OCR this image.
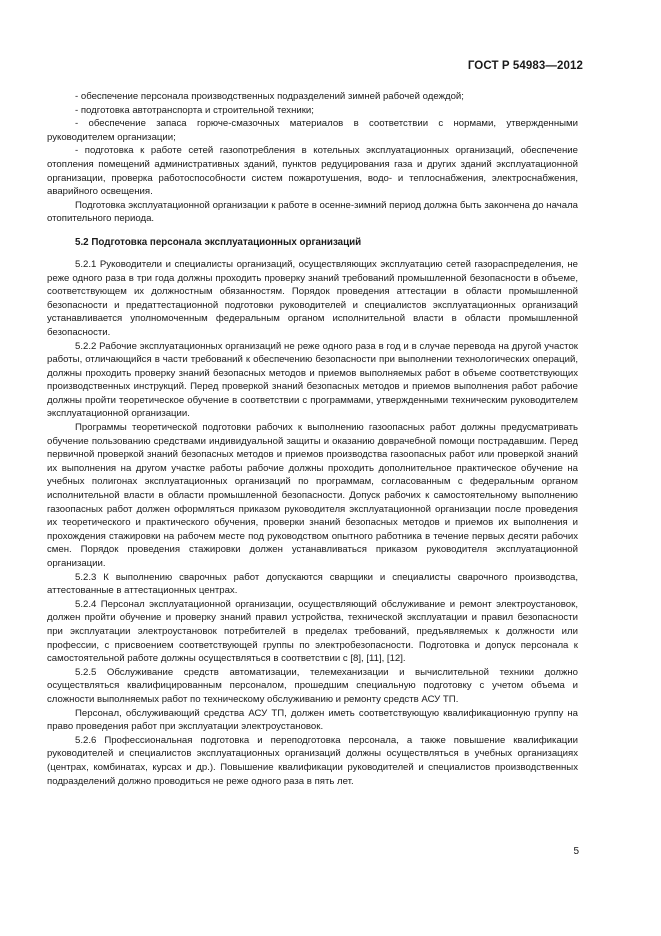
ГОСТ Р 54983—2012

- обеспечение персонала производственных подразделений зимней рабочей одеждой;

- подготовка автотранспорта и строительной техники;

- обеспечение запаса горюче-смазочных материалов в соответствии с нормами, утвержденными руководителем организации;

- подготовка к работе сетей газопотребления в котельных эксплуатационных организаций, обеспечение отопления помещений административных зданий, пунктов редуцирования газа и других зданий эксплуатационной организации, проверка работоспособности систем пожаротушения, водо- и теплоснабжения, электроснабжения, аварийного освещения.

Подготовка эксплуатационной организации к работе в осенне-зимний период должна быть закончена до начала отопительного периода.

5.2 Подготовка персонала эксплуатационных организаций

5.2.1 Руководители и специалисты организаций, осуществляющих эксплуатацию сетей газораспределения, не реже одного раза в три года должны проходить проверку знаний требований промышленной безопасности в объеме, соответствующем их должностным обязанностям. Порядок проведения аттестации в области промышленной безопасности и предаттестационной подготовки руководителей и специалистов эксплуатационных организаций устанавливается уполномоченным федеральным органом исполнительной власти в области промышленной безопасности.

5.2.2 Рабочие эксплуатационных организаций не реже одного раза в год и в случае перевода на другой участок работы, отличающийся в части требований к обеспечению безопасности при выполнении технологических операций, должны проходить проверку знаний безопасных методов и приемов выполняемых работ в объеме соответствующих производственных инструкций. Перед проверкой знаний безопасных методов и приемов выполнения работ рабочие должны пройти теоретическое обучение в соответствии с программами, утвержденными техническим руководителем эксплуатационной организации.

Программы теоретической подготовки рабочих к выполнению газоопасных работ должны предусматривать обучение пользованию средствами индивидуальной защиты и оказанию доврачебной помощи пострадавшим. Перед первичной проверкой знаний безопасных методов и приемов производства газоопасных работ или проверкой знаний их выполнения на другом участке работы рабочие должны проходить дополнительное практическое обучение на учебных полигонах эксплуатационных организаций по программам, согласованным с федеральным органом исполнительной власти в области промышленной безопасности. Допуск рабочих к самостоятельному выполнению газоопасных работ должен оформляться приказом руководителя эксплуатационной организации после проведения их теоретического и практического обучения, проверки знаний безопасных методов и приемов их выполнения и прохождения стажировки на рабочем месте под руководством опытного работника в течение первых десяти рабочих смен. Порядок проведения стажировки должен устанавливаться приказом руководителя эксплуатационной организации.

5.2.3 К выполнению сварочных работ допускаются сварщики и специалисты сварочного производства, аттестованные в аттестационных центрах.

5.2.4 Персонал эксплуатационной организации, осуществляющий обслуживание и ремонт электроустановок, должен пройти обучение и проверку знаний правил устройства, технической эксплуатации и правил безопасности при эксплуатации электроустановок потребителей в пределах требований, предъявляемых к должности или профессии, с присвоением соответствующей группы по электробезопасности. Подготовка и допуск персонала к самостоятельной работе должны осуществляться в соответствии с [8], [11], [12].

5.2.5 Обслуживание средств автоматизации, телемеханизации и вычислительной техники должно осуществляться квалифицированным персоналом, прошедшим специальную подготовку с учетом объема и сложности выполняемых работ по техническому обслуживанию и ремонту средств АСУ ТП.

Персонал, обслуживающий средства АСУ ТП, должен иметь соответствующую квалификационную группу на право проведения работ при эксплуатации электроустановок.

5.2.6 Профессиональная подготовка и переподготовка персонала, а также повышение квалификации руководителей и специалистов эксплуатационных организаций должны осуществляться в учебных организациях (центрах, комбинатах, курсах и др.). Повышение квалификации руководителей и специалистов производственных подразделений должно проводиться не реже одного раза в пять лет.

5
